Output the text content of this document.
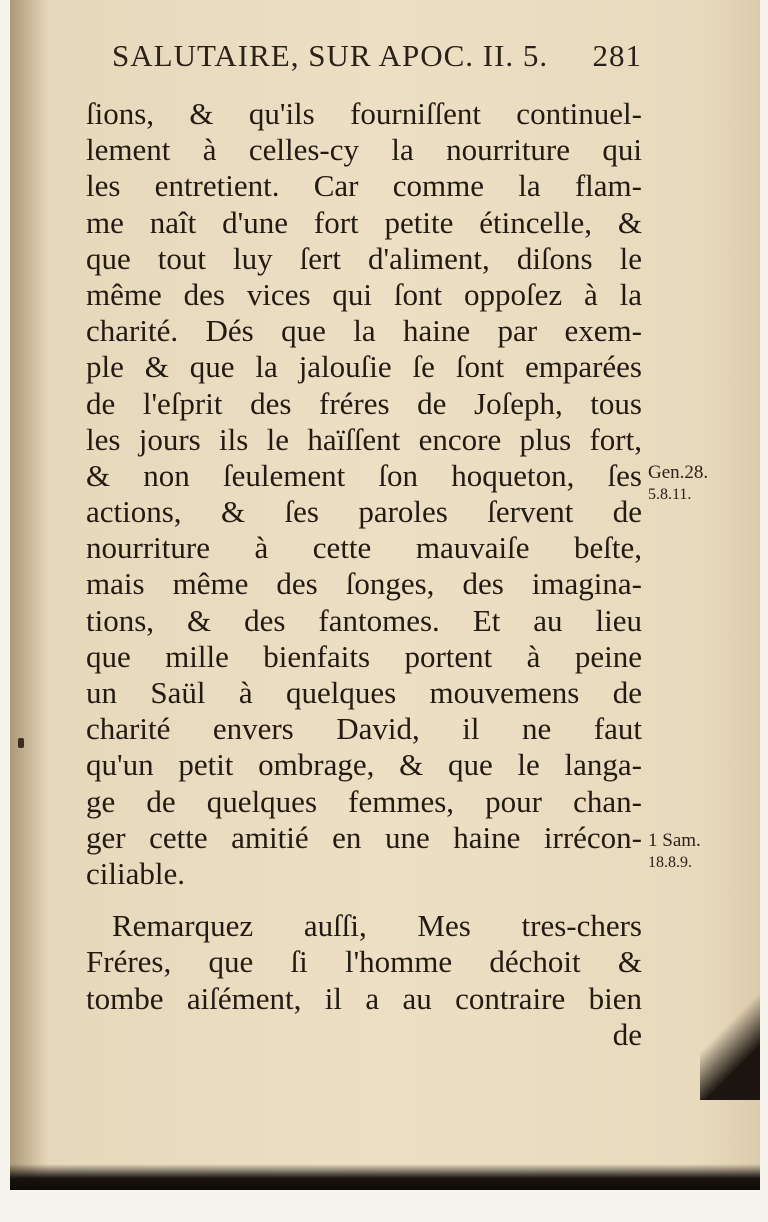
SALUTAIRE, SUR APOC. II. 5. 281
ſions, & qu'ils fourniſſent continuel-
lement à celles-cy la nourriture qui
les entretient. Car comme la flam-
me naît d'une fort petite étincelle, &
que tout luy ſert d'aliment, diſons le
même des vices qui ſont oppoſez à la
charité. Dés que la haine par exem-
ple & que la jalouſie ſe ſont emparées
de l'eſprit des fréres de Joſeph, tous
les jours ils le haïſſent encore plus fort,
& non ſeulement ſon hoqueton, ſes
actions, & ſes paroles ſervent de
nourriture à cette mauvaiſe beſte,
mais même des ſonges, des imagina-
tions, & des fantomes. Et au lieu
que mille bienfaits portent à peine
un Saül à quelques mouvemens de
charité envers David, il ne faut
qu'un petit ombrage, & que le langa-
ge de quelques femmes, pour chan-
ger cette amitié en une haine irrécon-
ciliable.
Remarquez auſſi, Mes tres-chers
Fréres, que ſi l'homme déchoit &
tombe aiſément, il a au contraire bien
de
Gen.28.
5.8.11.
1 Sam.
18.8.9.
